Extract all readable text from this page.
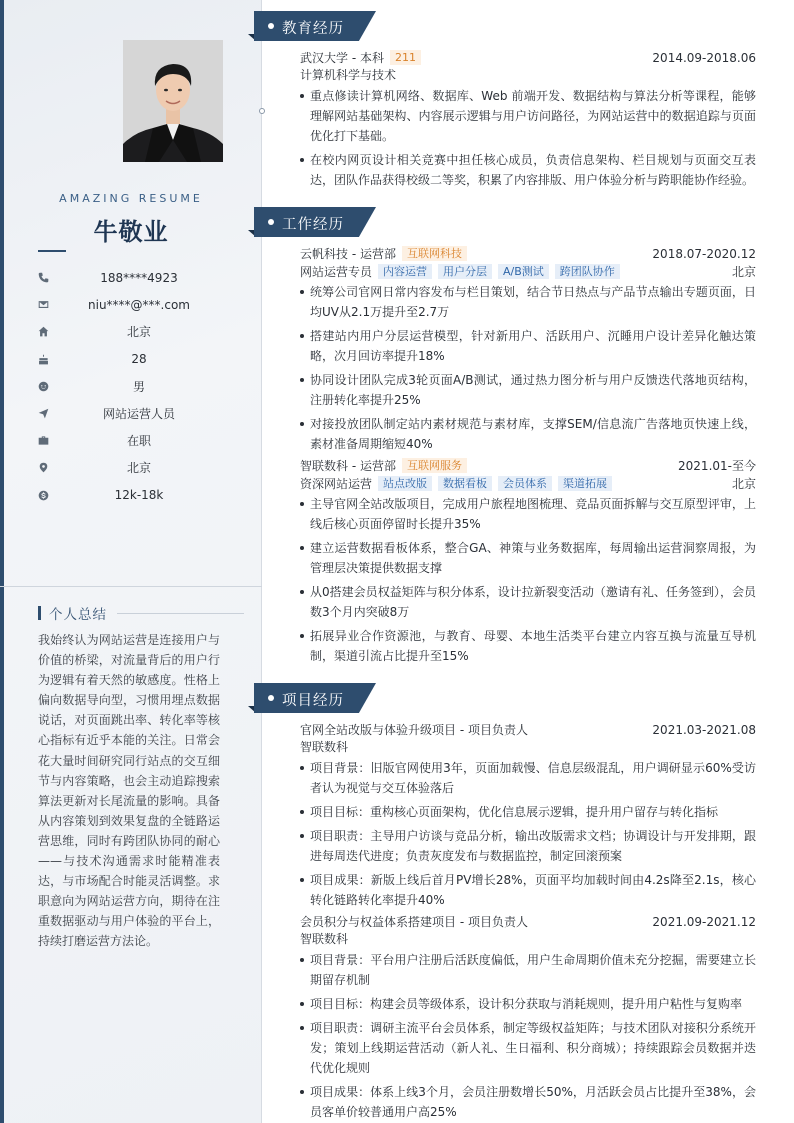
AMAZING RESUME
牛敬业
188****4923
niu****@***.com
北京
28
男
网站运营人员
在职
北京
12k-18k
个人总结
我始终认为网站运营是连接用户与价值的桥梁，对流量背后的用户行为逻辑有着天然的敏感度。性格上偏向数据导向型，习惯用埋点数据说话，对页面跳出率、转化率等核心指标有近乎本能的关注。日常会花大量时间研究同行站点的交互细节与内容策略，也会主动追踪搜索算法更新对长尾流量的影响。具备从内容策划到效果复盘的全链路运营思维，同时有跨团队协同的耐心——与技术沟通需求时能精准表达，与市场配合时能灵活调整。求职意向为网站运营方向，期待在注重数据驱动与用户体验的平台上，持续打磨运营方法论。
教育经历
武汉大学 - 本科	211	2014.09-2018.06
计算机科学与技术
重点修读计算机网络、数据库、Web 前端开发、数据结构与算法分析等课程，能够理解网站基础架构、内容展示逻辑与用户访问路径，为网站运营中的数据追踪与页面优化打下基础。
在校内网页设计相关竞赛中担任核心成员，负责信息架构、栏目规划与页面交互表达，团队作品获得校级二等奖，积累了内容排版、用户体验分析与跨职能协作经验。
工作经历
云帆科技 - 运营部	互联网科技	2018.07-2020.12
网站运营专员	内容运营	用户分层	A/B测试	跨团队协作	北京
统筹公司官网日常内容发布与栏目策划，结合节日热点与产品节点输出专题页面，日均UV从2.1万提升至2.7万
搭建站内用户分层运营模型，针对新用户、活跃用户、沉睡用户设计差异化触达策略，次月回访率提升18%
协同设计团队完成3轮页面A/B测试，通过热力图分析与用户反馈迭代落地页结构，注册转化率提升25%
对接投放团队制定站内素材规范与素材库，支撑SEM/信息流广告落地页快速上线，素材准备周期缩短40%
智联数科 - 运营部	互联网服务	2021.01-至今
资深网站运营	站点改版	数据看板	会员体系	渠道拓展	北京
主导官网全站改版项目，完成用户旅程地图梳理、竞品页面拆解与交互原型评审，上线后核心页面停留时长提升35%
建立运营数据看板体系，整合GA、神策与业务数据库，每周输出运营洞察周报，为管理层决策提供数据支撑
从0搭建会员权益矩阵与积分体系，设计拉新裂变活动（邀请有礼、任务签到），会员数3个月内突破8万
拓展异业合作资源池，与教育、母婴、本地生活类平台建立内容互换与流量互导机制，渠道引流占比提升至15%
项目经历
官网全站改版与体验升级项目 - 项目负责人	2021.03-2021.08
智联数科
项目背景：旧版官网使用3年，页面加载慢、信息层级混乱，用户调研显示60%受访者认为视觉与交互体验落后
项目目标：重构核心页面架构，优化信息展示逻辑，提升用户留存与转化指标
项目职责：主导用户访谈与竞品分析，输出改版需求文档；协调设计与开发排期，跟进每周迭代进度；负责灰度发布与数据监控，制定回滚预案
项目成果：新版上线后首月PV增长28%，页面平均加载时间由4.2s降至2.1s，核心转化链路转化率提升40%
会员积分与权益体系搭建项目 - 项目负责人	2021.09-2021.12
智联数科
项目背景：平台用户注册后活跃度偏低，用户生命周期价值未充分挖掘，需要建立长期留存机制
项目目标：构建会员等级体系，设计积分获取与消耗规则，提升用户粘性与复购率
项目职责：调研主流平台会员体系，制定等级权益矩阵；与技术团队对接积分系统开发；策划上线期运营活动（新人礼、生日福利、积分商城）；持续跟踪会员数据并迭代优化规则
项目成果：体系上线3个月，会员注册数增长50%，月活跃会员占比提升至38%，会员客单价较普通用户高25%
